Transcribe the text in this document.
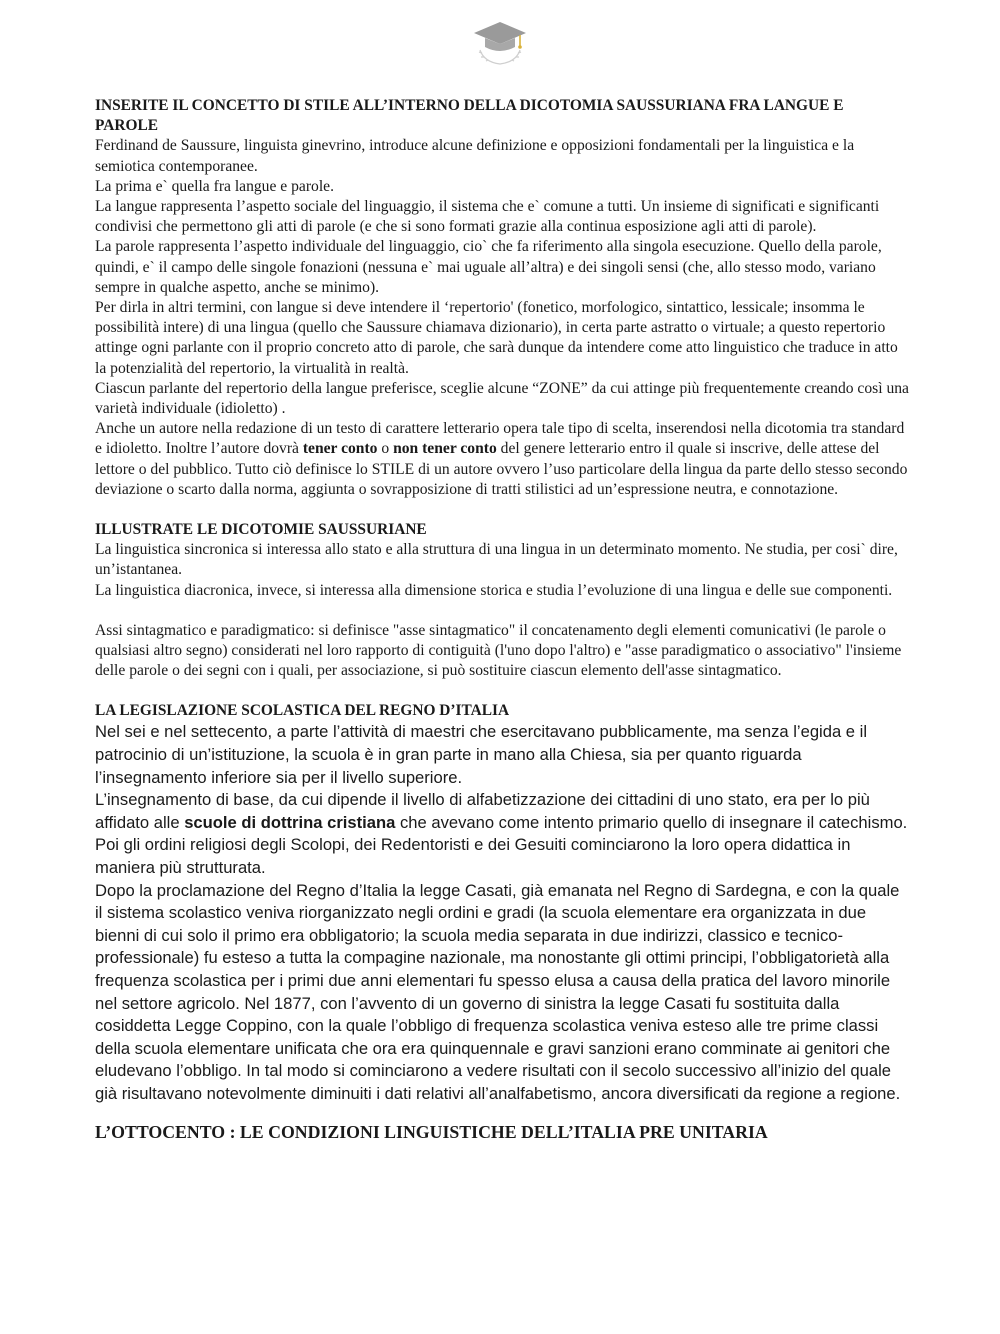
INSERITE IL CONCETTO DI STILE ALL’INTERNO DELLA DICOTOMIA SAUSSURIANA FRA LANGUE E PAROLE

Ferdinand de Saussure, linguista ginevrino, introduce alcune definizione e opposizioni fondamentali per la linguistica e la semiotica contemporanee.

La prima e` quella fra langue e parole.

La langue rappresenta l’aspetto sociale del linguaggio, il sistema che e` comune a tutti. Un insieme di significati e significanti condivisi che permettono gli atti di parole (e che si sono formati grazie alla continua esposizione agli atti di parole).

La parole rappresenta l’aspetto individuale del linguaggio, cio` che fa riferimento alla singola esecuzione. Quello della parole, quindi, e` il campo delle singole fonazioni (nessuna e` mai uguale all’altra) e dei singoli sensi (che, allo stesso modo, variano sempre in qualche aspetto, anche se minimo).

Per dirla in altri termini, con langue si deve intendere il ‘repertorio' (fonetico, morfologico, sintattico, lessicale; insomma le possibilità intere) di una lingua (quello che Saussure chiamava dizionario), in certa parte astratto o virtuale; a questo repertorio attinge ogni parlante con il proprio concreto atto di parole, che sarà dunque da intendere come atto linguistico che traduce in atto la potenzialità del repertorio, la virtualità in realtà.

Ciascun parlante del repertorio della langue preferisce, sceglie alcune “ZONE” da cui attinge più frequentemente creando così una varietà individuale (idioletto) .

Anche un autore nella redazione di un testo di carattere letterario opera tale tipo di scelta, inserendosi nella dicotomia tra standard e idioletto. Inoltre l’autore dovrà tener conto o non tener conto del genere letterario entro il quale si inscrive, delle attese del lettore o del pubblico. Tutto ciò definisce lo STILE di un autore ovvero l’uso particolare della lingua da parte dello stesso secondo deviazione o scarto dalla norma, aggiunta o sovrapposizione di tratti stilistici ad un’espressione neutra, e connotazione.

ILLUSTRATE LE DICOTOMIE SAUSSURIANE

La linguistica sincronica si interessa allo stato e alla struttura di una lingua in un determinato momento. Ne studia, per cosi` dire, un’istantanea.

La linguistica diacronica, invece, si interessa alla dimensione storica e studia l’evoluzione di una lingua e delle sue componenti.

Assi sintagmatico e paradigmatico: si definisce "asse sintagmatico" il concatenamento degli elementi comunicativi (le parole o qualsiasi altro segno) considerati nel loro rapporto di contiguità (l'uno dopo l'altro) e "asse paradigmatico o associativo" l'insieme delle parole o dei segni con i quali, per associazione, si può sostituire ciascun elemento dell'asse sintagmatico.

LA LEGISLAZIONE SCOLASTICA DEL REGNO D’ITALIA

Nel sei e nel settecento, a parte l’attività di maestri che esercitavano pubblicamente, ma senza l’egida e il patrocinio di un’istituzione, la scuola è in gran parte in mano alla Chiesa, sia per quanto riguarda l’insegnamento inferiore sia per il livello superiore.

L’insegnamento di base, da cui dipende il livello di alfabetizzazione dei cittadini di uno stato, era per lo più affidato alle scuole di dottrina cristiana che avevano come intento primario quello di insegnare il catechismo. Poi gli ordini religiosi degli Scolopi, dei Redentoristi e dei Gesuiti cominciarono la loro opera didattica in maniera più strutturata.

Dopo la proclamazione del Regno d’Italia la legge Casati, già emanata nel Regno di Sardegna, e con la quale il sistema scolastico veniva riorganizzato negli ordini e gradi (la scuola elementare era organizzata in due bienni di cui solo il primo era obbligatorio; la scuola media separata in due indirizzi, classico e tecnico-professionale) fu esteso a tutta la compagine nazionale, ma nonostante gli ottimi principi, l’obbligatorietà alla frequenza scolastica per i primi due anni elementari fu spesso elusa a causa della pratica del lavoro minorile nel settore agricolo. Nel 1877, con l’avvento di un governo di sinistra la legge Casati fu sostituita dalla cosiddetta Legge Coppino, con la quale l’obbligo di frequenza scolastica veniva esteso alle tre prime classi della scuola elementare unificata che ora era quinquennale e gravi sanzioni erano comminate ai genitori che eludevano l’obbligo. In tal modo si cominciarono a vedere risultati con il secolo successivo all’inizio del quale già risultavano notevolmente diminuiti i dati relativi all’analfabetismo, ancora diversificati da regione a regione.

L’OTTOCENTO : LE CONDIZIONI LINGUISTICHE DELL’ITALIA PRE UNITARIA
